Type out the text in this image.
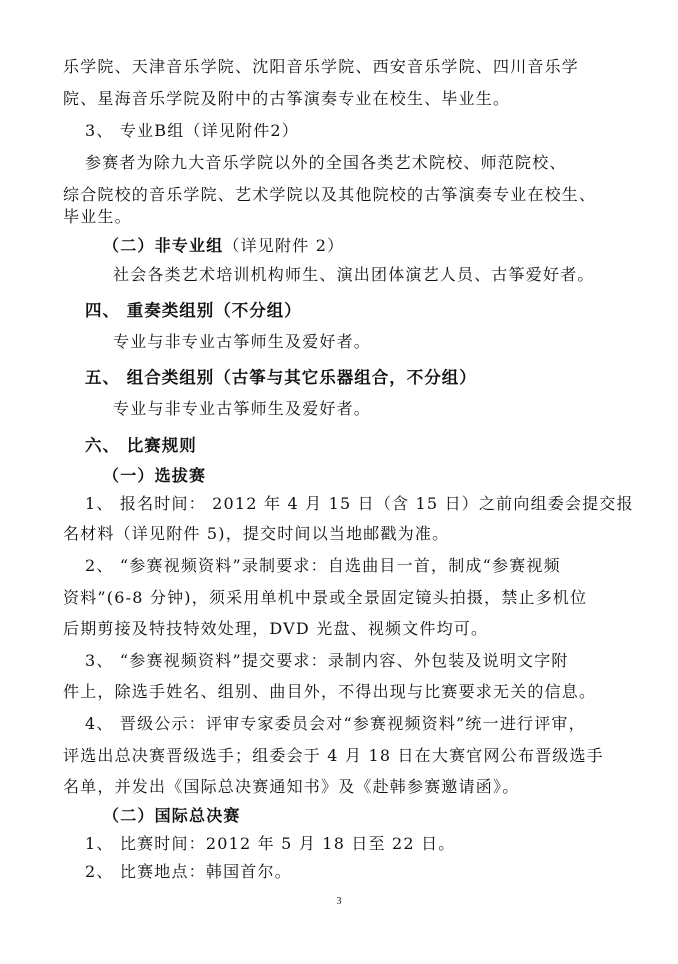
乐学院、天津音乐学院、沈阳音乐学院、西安音乐学院、四川音乐学
院、星海音乐学院及附中的古筝演奏专业在校生、毕业生。
3、 专业B组（详见附件2）
参赛者为除九大音乐学院以外的全国各类艺术院校、师范院校、
综合院校的音乐学院、艺术学院以及其他院校的古筝演奏专业在校生、
毕业生。
（二）非专业组（详见附件 2）
社会各类艺术培训机构师生、演出团体演艺人员、古筝爱好者。
四、 重奏类组别（不分组）
专业与非专业古筝师生及爱好者。
五、 组合类组别（古筝与其它乐器组合，不分组）
专业与非专业古筝师生及爱好者。
六、 比赛规则
（一）选拔赛
1、 报名时间： 2012 年 4 月 15 日（含 15 日）之前向组委会提交报
名材料（详见附件 5)，提交时间以当地邮戳为准。
2、 “参赛视频资料”录制要求：自选曲目一首，制成“参赛视频
资料”(6-8 分钟)，须采用单机中景或全景固定镜头拍摄，禁止多机位
后期剪接及特技特效处理，DVD 光盘、视频文件均可。
3、 “参赛视频资料”提交要求：录制内容、外包装及说明文字附
件上，除选手姓名、组别、曲目外，不得出现与比赛要求无关的信息。
4、 晋级公示：评审专家委员会对“参赛视频资料”统一进行评审，
评选出总决赛晋级选手；组委会于 4 月 18 日在大赛官网公布晋级选手
名单，并发出《国际总决赛通知书》及《赴韩参赛邀请函》。
（二）国际总决赛
1、 比赛时间：2012 年 5 月 18 日至 22 日。
2、 比赛地点：韩国首尔。
3
